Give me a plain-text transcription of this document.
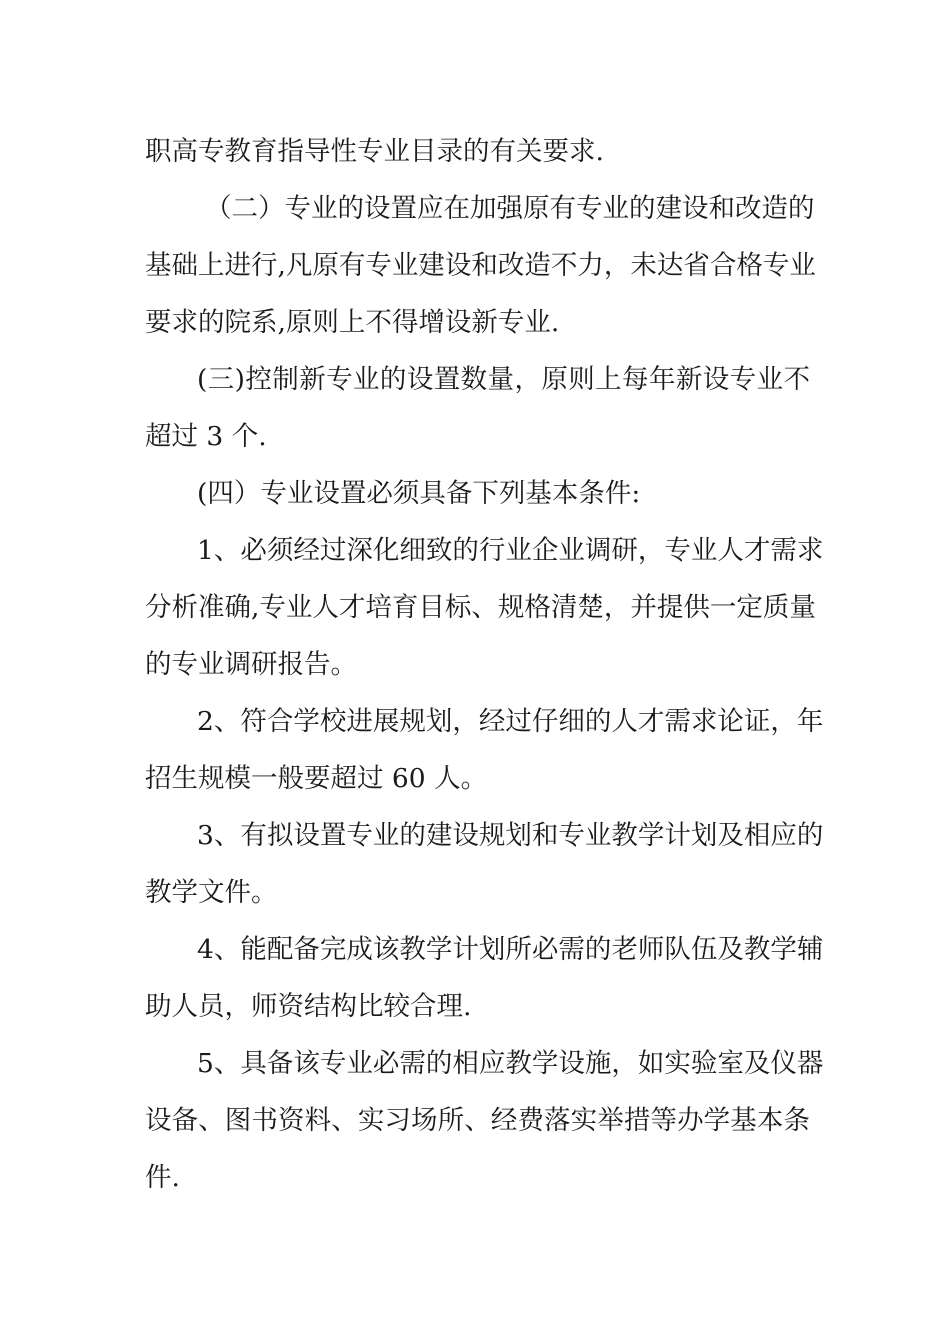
职高专教育指导性专业目录的有关要求.
（二）专业的设置应在加强原有专业的建设和改造的
基础上进行,凡原有专业建设和改造不力，未达省合格专业
要求的院系,原则上不得增设新专业.
(三)控制新专业的设置数量，原则上每年新设专业不
超过 3 个.
(四）专业设置必须具备下列基本条件:
1、必须经过深化细致的行业企业调研，专业人才需求
分析准确,专业人才培育目标、规格清楚，并提供一定质量
的专业调研报告。
2、符合学校进展规划，经过仔细的人才需求论证，年
招生规模一般要超过 60 人。
3、有拟设置专业的建设规划和专业教学计划及相应的
教学文件。
4、能配备完成该教学计划所必需的老师队伍及教学辅
助人员，师资结构比较合理.
5、具备该专业必需的相应教学设施，如实验室及仪器
设备、图书资料、实习场所、经费落实举措等办学基本条
件.
